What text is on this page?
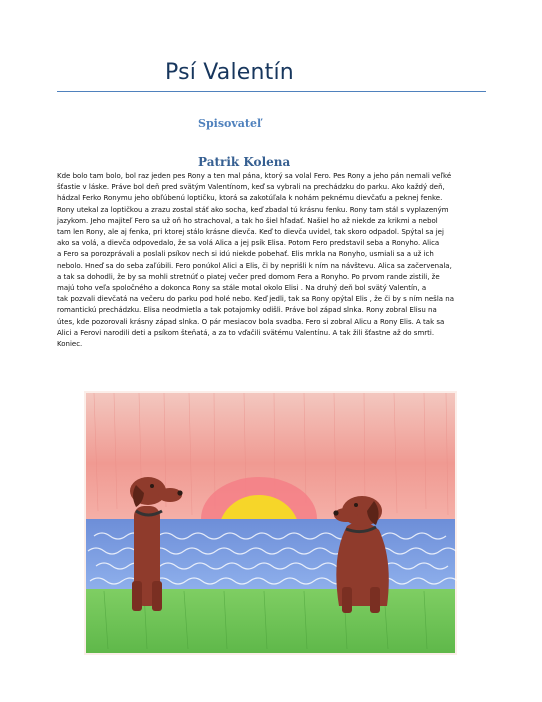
Psí Valentín
Spisovateľ
Patrik Kolena
Kde bolo tam bolo, bol raz jeden pes Rony a ten mal pána, ktorý sa volal Fero. Pes Rony a jeho pán nemali veľké
šťastie v láske. Práve bol deň pred svätým Valentínom, keď sa vybrali na prechádzku do parku. Ako každý deň,
hádzal Ferko Ronymu jeho obľúbenú loptičku, ktorá sa zakotúľala k nohám peknému dievčaťu a peknej fenke.
Rony utekal za loptičkou a zrazu zostal stáť ako socha, keď zbadal tú krásnu fenku. Rony tam stál s vyplazeným
jazykom. Jeho majiteľ Fero sa už oň ho strachoval, a tak ho šiel hľadať. Našiel ho až niekde za krikmi a nebol
tam len Rony, ale aj fenka, pri ktorej stálo krásne dievča. Keď to dievča uvidel, tak skoro odpadol. Spýtal sa jej
ako sa volá, a dievča odpovedalo, že sa volá Alica a jej psík Elisa. Potom Fero predstavil seba a Ronyho. Alica
a Fero sa porozprávali a poslali psíkov nech si idú niekde pobehať. Elis mrkla na Ronyho, usmiali sa a už ich
nebolo. Hneď sa do seba zaľúbili. Fero ponúkol Alici a Elis, či by neprišli k ním na návštevu. Alica sa začervenala,
a tak sa dohodli, že by sa mohli stretnúť o piatej večer pred domom Fera a Ronyho. Po prvom rande zistili, že
majú toho veľa spoločného a dokonca Rony sa stále motal okolo Elisi . Na druhý deň bol svätý Valentín, a
tak pozvali dievčatá na večeru do parku pod holé nebo. Keď jedli, tak sa Rony opýtal Elis , že či by s ním nešla na
romantickú prechádzku. Elisa neodmietla a tak potajomky odišli. Práve bol západ slnka. Rony zobral Elisu na
útes, kde pozorovali krásny západ slnka. O pár mesiacov bola svadba. Fero si zobral Alicu a Rony Elis. A tak sa
Alici a Ferovi narodili deti a psíkom šteňatá, a za to vďačili svätému Valentínu. A tak žili šťastne až do smrti.
Koniec.
